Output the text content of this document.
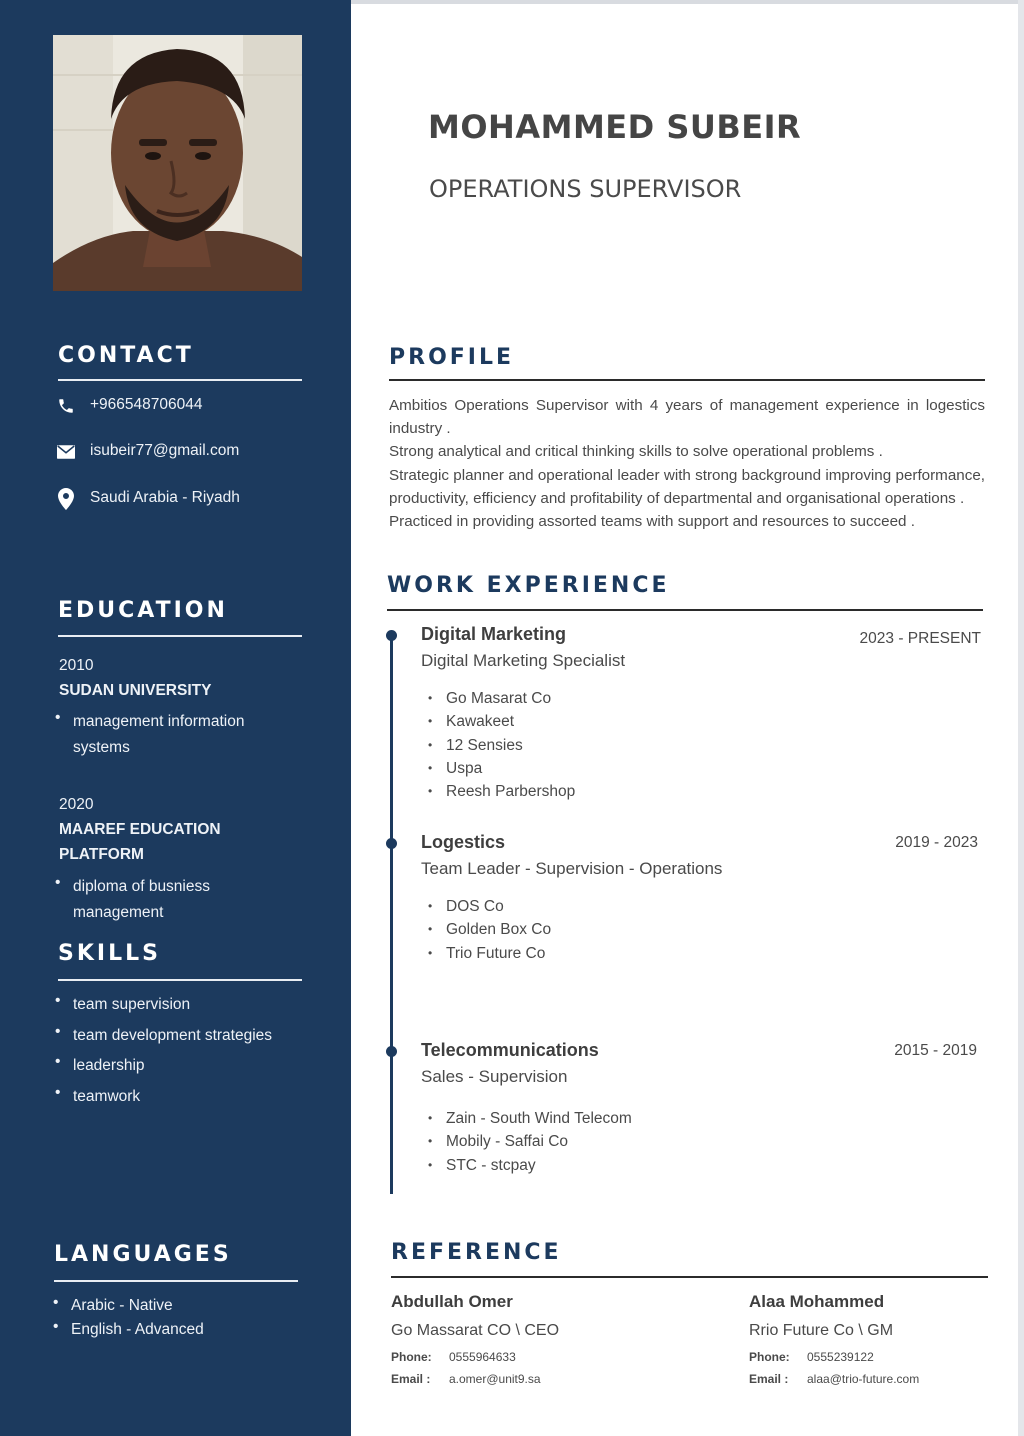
CONTACT
+966548706044
isubeir77@gmail.com
Saudi Arabia - Riyadh
EDUCATION
2010
SUDAN UNIVERSITY
• management information
systems
2020
MAAREF EDUCATION
PLATFORM
• diploma of busniess
management
SKILLS
• team supervision
• team development strategies
• leadership
• teamwork
LANGUAGES
• Arabic - Native
• English - Advanced
MOHAMMED SUBEIR
OPERATIONS SUPERVISOR
PROFILE

Ambitios Operations Supervisor with 4 years of management experience in logestics industry .

Strong analytical and critical thinking skills to solve operational problems .

Strategic planner and operational leader with strong background improving performance, productivity, efficiency and profitability of departmental and organisational operations .

Practiced in providing assorted teams with support and resources to succeed .

WORK EXPERIENCE
Digital Marketing	2023 - PRESENT
Digital Marketing Specialist
• Go Masarat Co
• Kawakeet
• 12 Sensies
• Uspa
• Reesh Parbershop
Logestics	2019 - 2023
Team Leader - Supervision - Operations
• DOS Co
• Golden Box Co
• Trio Future Co
Telecommunications	2015 - 2019
Sales - Supervision
• Zain - South Wind Telecom
• Mobily - Saffai Co
• STC - stcpay
REFERENCE
Abdullah Omer
Go Massarat CO \ CEO
Phone: 0555964633
Email : a.omer@unit9.sa
Alaa Mohammed
Rrio Future Co \ GM
Phone: 0555239122
Email : alaa@trio-future.com
